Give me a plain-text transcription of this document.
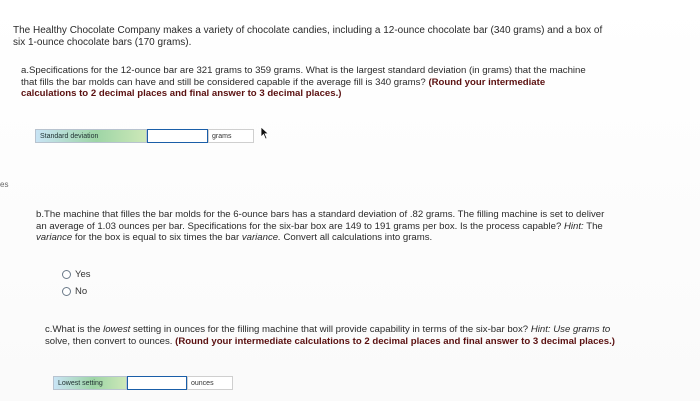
es
The Healthy Chocolate Company makes a variety of chocolate candies, including a 12-ounce chocolate bar (340 grams) and a box of
six 1-ounce chocolate bars (170 grams).
a.Specifications for the 12-ounce bar are 321 grams to 359 grams. What is the largest standard deviation (in grams) that the machine
that fills the bar molds can have and still be considered capable if the average fill is 340 grams? (Round your intermediate
calculations to 2 decimal places and final answer to 3 decimal places.)
Standard deviation	grams
b.The machine that filles the bar molds for the 6-ounce bars has a standard deviation of .82 grams. The filling machine is set to deliver
an average of 1.03 ounces per bar. Specifications for the six-bar box are 149 to 191 grams per box. Is the process capable? Hint: The
variance for the box is equal to six times the bar variance. Convert all calculations into grams.
Yes
No
c.What is the lowest setting in ounces for the filling machine that will provide capability in terms of the six-bar box? Hint: Use grams to
solve, then convert to ounces. (Round your intermediate calculations to 2 decimal places and final answer to 3 decimal places.)
Lowest setting	ounces
